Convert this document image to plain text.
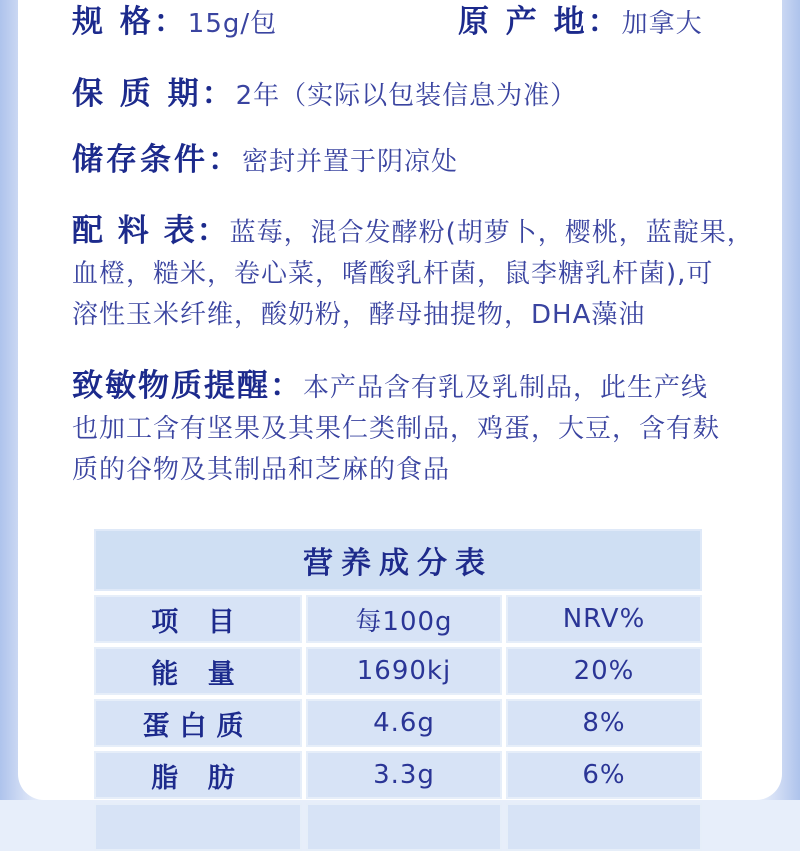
规 格：15g/包	原 产 地：加拿大
保 质 期：2年（实际以包装信息为准）
储存条件：密封并置于阴凉处
配 料 表：蓝莓，混合发酵粉(胡萝卜，樱桃，蓝靛果，
血橙，糙米，卷心菜，嗜酸乳杆菌，鼠李糖乳杆菌),可
溶性玉米纤维，酸奶粉，酵母抽提物，DHA藻油
致敏物质提醒：本产品含有乳及乳制品，此生产线
也加工含有坚果及其果仁类制品，鸡蛋，大豆，含有麸
质的谷物及其制品和芝麻的食品
营养成分表
项 目	每100g	NRV%
能 量	1690kj	20%
蛋白质	4.6g	8%
脂 肪	3.3g	6%
